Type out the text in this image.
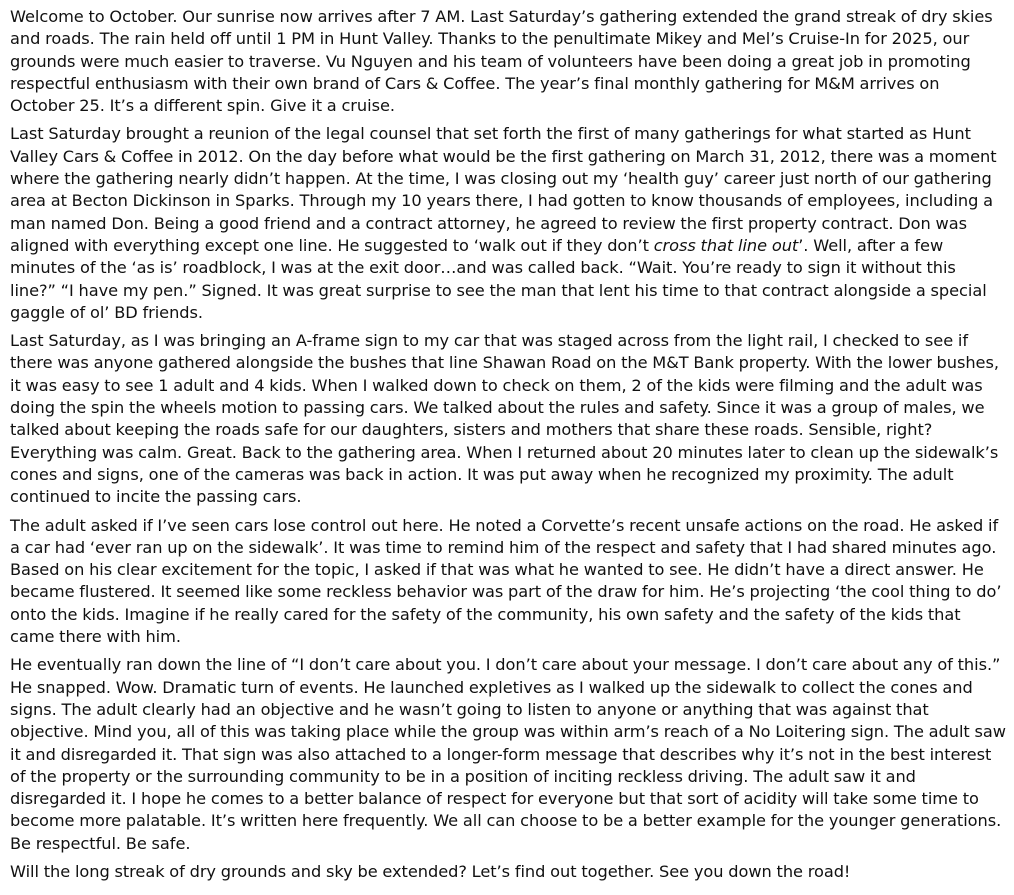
Welcome to October. Our sunrise now arrives after 7 AM. Last Saturday’s gathering extended the grand streak of dry skies and roads. The rain held off until 1 PM in Hunt Valley. Thanks to the penultimate Mikey and Mel’s Cruise-In for 2025, our grounds were much easier to traverse. Vu Nguyen and his team of volunteers have been doing a great job in promoting respectful enthusiasm with their own brand of Cars & Coffee. The year’s final monthly gathering for M&M arrives on October 25. It’s a different spin. Give it a cruise.

Last Saturday brought a reunion of the legal counsel that set forth the first of many gatherings for what started as Hunt Valley Cars & Coffee in 2012. On the day before what would be the first gathering on March 31, 2012, there was a moment where the gathering nearly didn’t happen. At the time, I was closing out my ‘health guy’ career just north of our gathering area at Becton Dickinson in Sparks. Through my 10 years there, I had gotten to know thousands of employees, including a man named Don. Being a good friend and a contract attorney, he agreed to review the first property contract. Don was aligned with everything except one line. He suggested to ‘walk out if they don’t cross that line out’. Well, after a few minutes of the ‘as is’ roadblock, I was at the exit door…and was called back. “Wait. You’re ready to sign it without this line?” “I have my pen.” Signed. It was great surprise to see the man that lent his time to that contract alongside a special gaggle of ol’ BD friends.

Last Saturday, as I was bringing an A-frame sign to my car that was staged across from the light rail, I checked to see if there was anyone gathered alongside the bushes that line Shawan Road on the M&T Bank property. With the lower bushes, it was easy to see 1 adult and 4 kids. When I walked down to check on them, 2 of the kids were filming and the adult was doing the spin the wheels motion to passing cars. We talked about the rules and safety. Since it was a group of males, we talked about keeping the roads safe for our daughters, sisters and mothers that share these roads. Sensible, right? Everything was calm. Great. Back to the gathering area. When I returned about 20 minutes later to clean up the sidewalk’s cones and signs, one of the cameras was back in action. It was put away when he recognized my proximity. The adult continued to incite the passing cars.

The adult asked if I’ve seen cars lose control out here. He noted a Corvette’s recent unsafe actions on the road. He asked if a car had ‘ever ran up on the sidewalk’. It was time to remind him of the respect and safety that I had shared minutes ago. Based on his clear excitement for the topic, I asked if that was what he wanted to see. He didn’t have a direct answer. He became flustered. It seemed like some reckless behavior was part of the draw for him. He’s projecting ‘the cool thing to do’ onto the kids. Imagine if he really cared for the safety of the community, his own safety and the safety of the kids that came there with him.

He eventually ran down the line of “I don’t care about you. I don’t care about your message. I don’t care about any of this.” He snapped. Wow. Dramatic turn of events. He launched expletives as I walked up the sidewalk to collect the cones and signs. The adult clearly had an objective and he wasn’t going to listen to anyone or anything that was against that objective. Mind you, all of this was taking place while the group was within arm’s reach of a No Loitering sign. The adult saw it and disregarded it. That sign was also attached to a longer-form message that describes why it’s not in the best interest of the property or the surrounding community to be in a position of inciting reckless driving. The adult saw it and disregarded it. I hope he comes to a better balance of respect for everyone but that sort of acidity will take some time to become more palatable. It’s written here frequently. We all can choose to be a better example for the younger generations. Be respectful. Be safe.

Will the long streak of dry grounds and sky be extended? Let’s find out together. See you down the road!
